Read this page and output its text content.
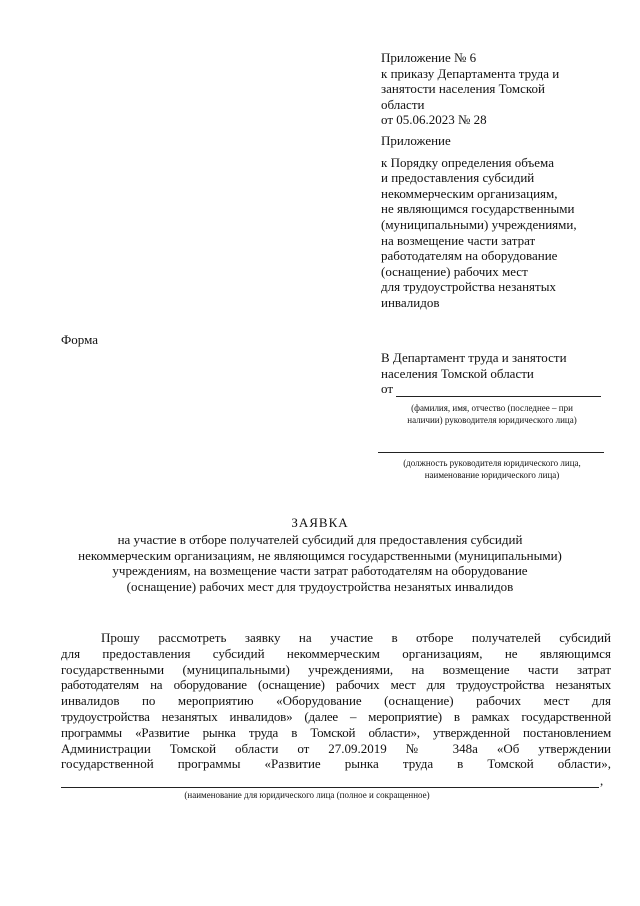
Приложение № 6
к приказу Департамента труда и
занятости населения Томской
области
от 05.06.2023 № 28
Приложение
к Порядку определения объема
и предоставления субсидий
некоммерческим организациям,
не являющимся государственными
(муниципальными) учреждениями,
на возмещение части затрат
работодателям на оборудование
(оснащение) рабочих мест
для трудоустройства незанятых
инвалидов
Форма
В Департамент труда и занятости
населения Томской области
от
(фамилия, имя, отчество (последнее – при
наличии) руководителя юридического лица)
(должность руководителя юридического лица,
наименование юридического лица)
ЗАЯВКА
на участие в отборе получателей субсидий для предоставления субсидий
некоммерческим организациям, не являющимся государственными (муниципальными)
учреждениям, на возмещение части затрат работодателям на оборудование
(оснащение) рабочих мест для трудоустройства незанятых инвалидов
Прошу рассмотреть заявку на участие в отборе получателей субсидий
для предоставления субсидий некоммерческим организациям, не являющимся
государственными (муниципальными) учреждениями, на возмещение части затрат
работодателям на оборудование (оснащение) рабочих мест для трудоустройства незанятых
инвалидов по мероприятию «Оборудование (оснащение) рабочих мест для
трудоустройства незанятых инвалидов» (далее – мероприятие) в рамках государственной
программы «Развитие рынка труда в Томской области», утвержденной постановлением
Администрации Томской области от 27.09.2019 № 348а «Об утверждении
государственной программы «Развитие рынка труда в Томской области»,
,
(наименование для юридического лица (полное и сокращенное)
